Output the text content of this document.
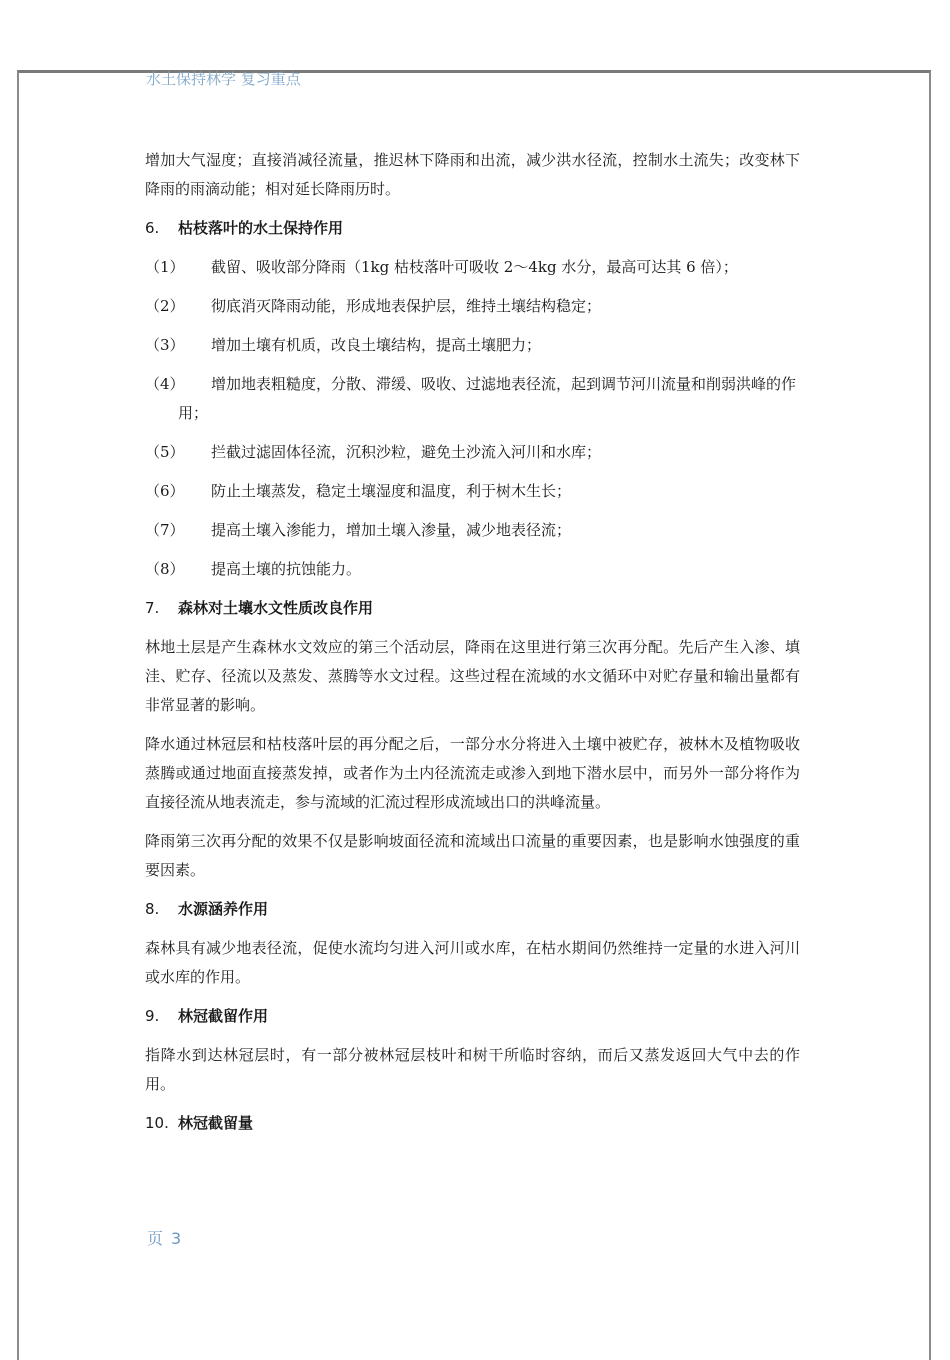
水土保持林学 复习重点

增加大气湿度；直接消减径流量，推迟林下降雨和出流，减少洪水径流，控制水土流失；改变林下降雨的雨滴动能；相对延长降雨历时。

6. 枯枝落叶的水土保持作用
（1） 截留、吸收部分降雨（1kg 枯枝落叶可吸收 2～4kg 水分，最高可达其 6 倍）；
（2） 彻底消灭降雨动能，形成地表保护层，维持土壤结构稳定；
（3） 增加土壤有机质，改良土壤结构，提高土壤肥力；
（4） 增加地表粗糙度，分散、滞缓、吸收、过滤地表径流，起到调节河川流量和削弱洪峰的作用；
（5） 拦截过滤固体径流，沉积沙粒，避免土沙流入河川和水库；
（6） 防止土壤蒸发，稳定土壤湿度和温度，利于树木生长；
（7） 提高土壤入渗能力，增加土壤入渗量，减少地表径流；
（8） 提高土壤的抗蚀能力。
7. 森林对土壤水文性质改良作用

林地土层是产生森林水文效应的第三个活动层，降雨在这里进行第三次再分配。先后产生入渗、填洼、贮存、径流以及蒸发、蒸腾等水文过程。这些过程在流域的水文循环中对贮存量和输出量都有非常显著的影响。

降水通过林冠层和枯枝落叶层的再分配之后，一部分水分将进入土壤中被贮存，被林木及植物吸收蒸腾或通过地面直接蒸发掉，或者作为土内径流流走或渗入到地下潜水层中，而另外一部分将作为直接径流从地表流走，参与流域的汇流过程形成流域出口的洪峰流量。

降雨第三次再分配的效果不仅是影响坡面径流和流域出口流量的重要因素，也是影响水蚀强度的重要因素。

8. 水源涵养作用

森林具有减少地表径流，促使水流均匀进入河川或水库，在枯水期间仍然维持一定量的水进入河川或水库的作用。

9. 林冠截留作用

指降水到达林冠层时，有一部分被林冠层枝叶和树干所临时容纳，而后又蒸发返回大气中去的作用。

10. 林冠截留量
页 3
